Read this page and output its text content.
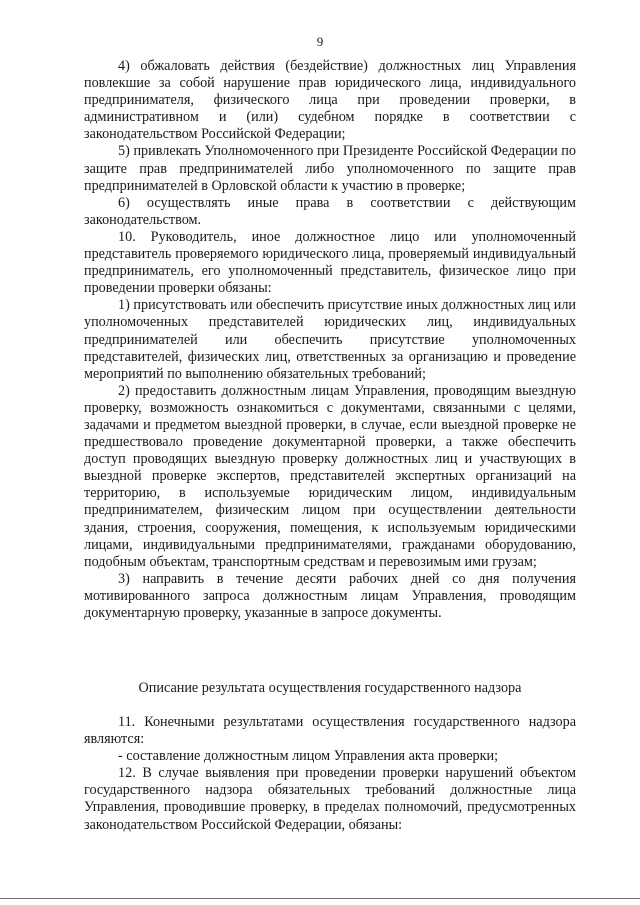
9

4) обжаловать действия (бездействие) должностных лиц Управления повлекшие за собой нарушение прав юридического лица, индивидуального предпринимателя, физического лица при проведении проверки, в административном и (или) судебном порядке в соответствии с законодательством Российской Федерации;

5) привлекать Уполномоченного при Президенте Российской Федерации по защите прав предпринимателей либо уполномоченного по защите прав предпринимателей в Орловской области к участию в проверке;

6) осуществлять иные права в соответствии с действующим законодательством.

10. Руководитель, иное должностное лицо или уполномоченный представитель проверяемого юридического лица, проверяемый индивидуальный предприниматель, его уполномоченный представитель, физическое лицо при проведении проверки обязаны:

1) присутствовать или обеспечить присутствие иных должностных лиц или уполномоченных представителей юридических лиц, индивидуальных предпринимателей или обеспечить присутствие уполномоченных представителей, физических лиц, ответственных за организацию и проведение мероприятий по выполнению обязательных требований;

2) предоставить должностным лицам Управления, проводящим выездную проверку, возможность ознакомиться с документами, связанными с целями, задачами и предметом выездной проверки, в случае, если выездной проверке не предшествовало проведение документарной проверки, а также обеспечить доступ проводящих выездную проверку должностных лиц и участвующих в выездной проверке экспертов, представителей экспертных организаций на территорию, в используемые юридическим лицом, индивидуальным предпринимателем, физическим лицом при осуществлении деятельности здания, строения, сооружения, помещения, к используемым юридическими лицами, индивидуальными предпринимателями, гражданами оборудованию, подобным объектам, транспортным средствам и перевозимым ими грузам;

3) направить в течение десяти рабочих дней со дня получения мотивированного запроса должностным лицам Управления, проводящим документарную проверку, указанные в запросе документы.

Описание результата осуществления государственного надзора

11. Конечными результатами осуществления государственного надзора являются:

- составление должностным лицом Управления акта проверки;

12. В случае выявления при проведении проверки нарушений объектом государственного надзора обязательных требований должностные лица Управления, проводившие проверку, в пределах полномочий, предусмотренных законодательством Российской Федерации, обязаны:
